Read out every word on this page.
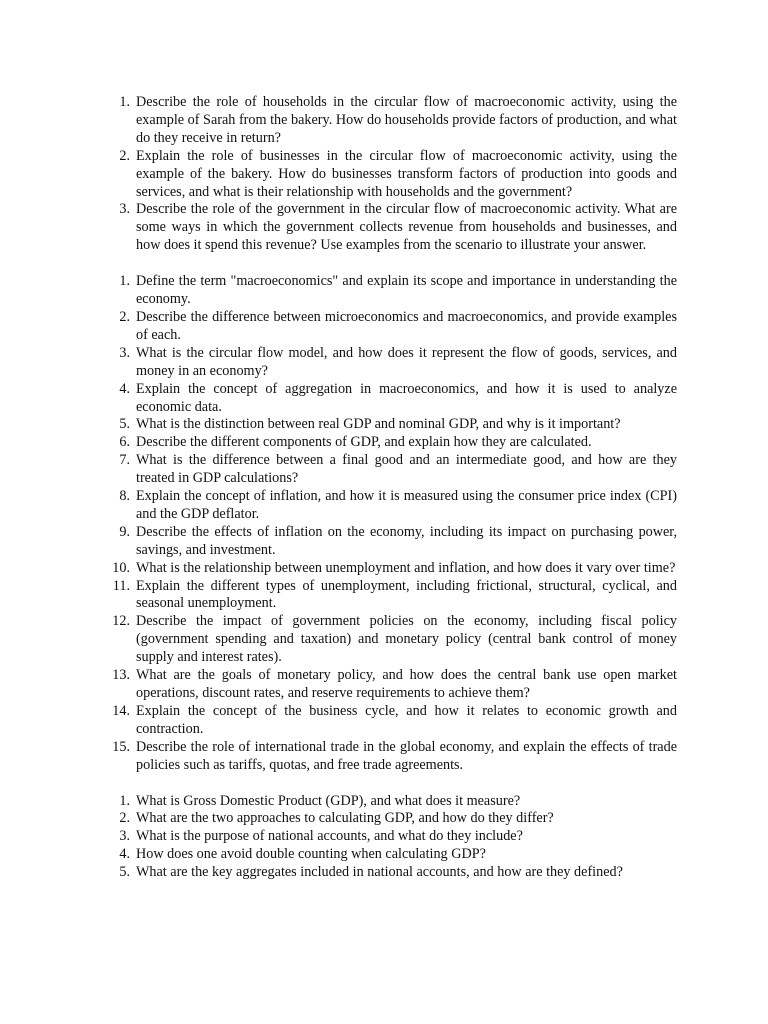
1. Describe the role of households in the circular flow of macroeconomic activity, using the example of Sarah from the bakery. How do households provide factors of production, and what do they receive in return?
2. Explain the role of businesses in the circular flow of macroeconomic activity, using the example of the bakery. How do businesses transform factors of production into goods and services, and what is their relationship with households and the government?
3. Describe the role of the government in the circular flow of macroeconomic activity. What are some ways in which the government collects revenue from households and businesses, and how does it spend this revenue? Use examples from the scenario to illustrate your answer.
1. Define the term "macroeconomics" and explain its scope and importance in understanding the economy.
2. Describe the difference between microeconomics and macroeconomics, and provide examples of each.
3. What is the circular flow model, and how does it represent the flow of goods, services, and money in an economy?
4. Explain the concept of aggregation in macroeconomics, and how it is used to analyze economic data.
5. What is the distinction between real GDP and nominal GDP, and why is it important?
6. Describe the different components of GDP, and explain how they are calculated.
7. What is the difference between a final good and an intermediate good, and how are they treated in GDP calculations?
8. Explain the concept of inflation, and how it is measured using the consumer price index (CPI) and the GDP deflator.
9. Describe the effects of inflation on the economy, including its impact on purchasing power, savings, and investment.
10. What is the relationship between unemployment and inflation, and how does it vary over time?
11. Explain the different types of unemployment, including frictional, structural, cyclical, and seasonal unemployment.
12. Describe the impact of government policies on the economy, including fiscal policy (government spending and taxation) and monetary policy (central bank control of money supply and interest rates).
13. What are the goals of monetary policy, and how does the central bank use open market operations, discount rates, and reserve requirements to achieve them?
14. Explain the concept of the business cycle, and how it relates to economic growth and contraction.
15. Describe the role of international trade in the global economy, and explain the effects of trade policies such as tariffs, quotas, and free trade agreements.
1. What is Gross Domestic Product (GDP), and what does it measure?
2. What are the two approaches to calculating GDP, and how do they differ?
3. What is the purpose of national accounts, and what do they include?
4. How does one avoid double counting when calculating GDP?
5. What are the key aggregates included in national accounts, and how are they defined?
